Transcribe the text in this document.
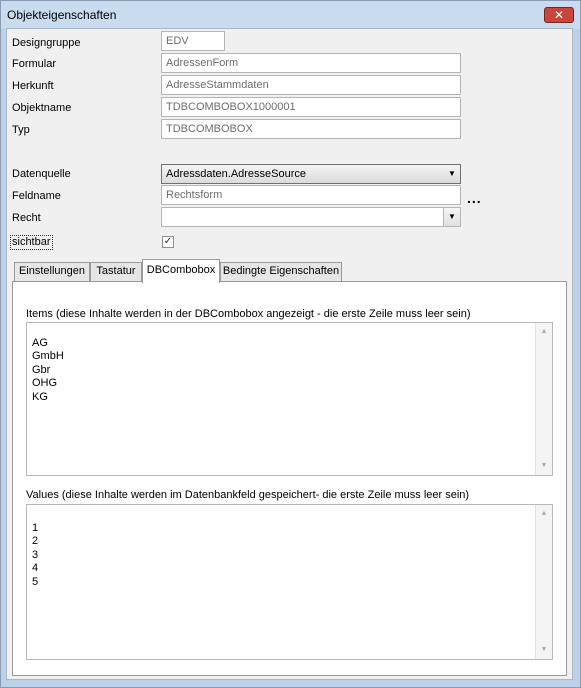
Objekteigenschaften	✕
Designgruppe	EDV
Formular	AdressenForm
Herkunft	AdresseStammdaten
Objektname	TDBCOMBOBOX1000001
Typ	TDBCOMBOBOX
Datenquelle	Adressdaten.AdresseSource	▼
Feldname	Rechtsform	...
Recht	▼
sichtbar	✓
Einstellungen	Tastatur	DBCombobox Bedingte Eigenschaften
Items (diese Inhalte werden in der DBCombobox angezeigt - die erste Zeile muss leer sein)
AG
GmbH
Gbr
OHG
KG
▲
▼
Values (diese Inhalte werden im Datenbankfeld gespeichert- die erste Zeile muss leer sein)
1
2
3
4
5
▲
▼
